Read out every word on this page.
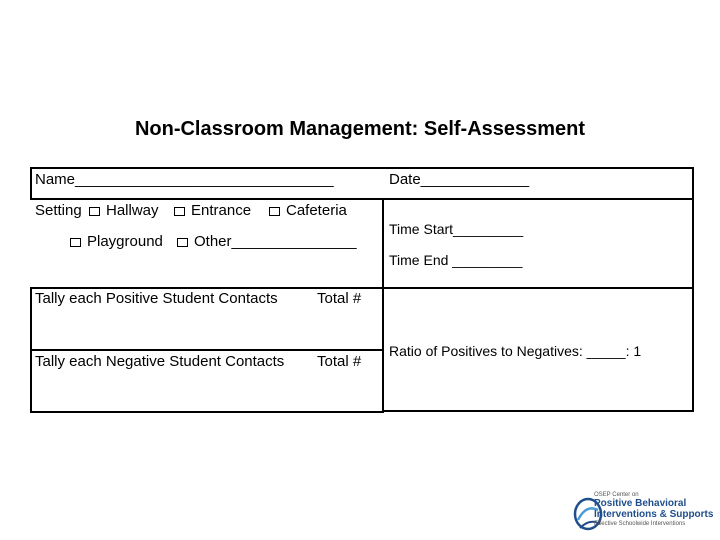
Non-Classroom Management: Self-Assessment
Name_______________________________	Date_____________
Setting	Hallway	Entrance	Cafeteria
Playground	Other_______________
Time Start_________
Time End _________
Tally each Positive Student Contacts	Total #
Tally each Negative Student Contacts Total #
Ratio of Positives to Negatives: _____: 1
OSEP Center on
Positive Behavioral
Interventions & Supports
Effective Schoolwide Interventions
